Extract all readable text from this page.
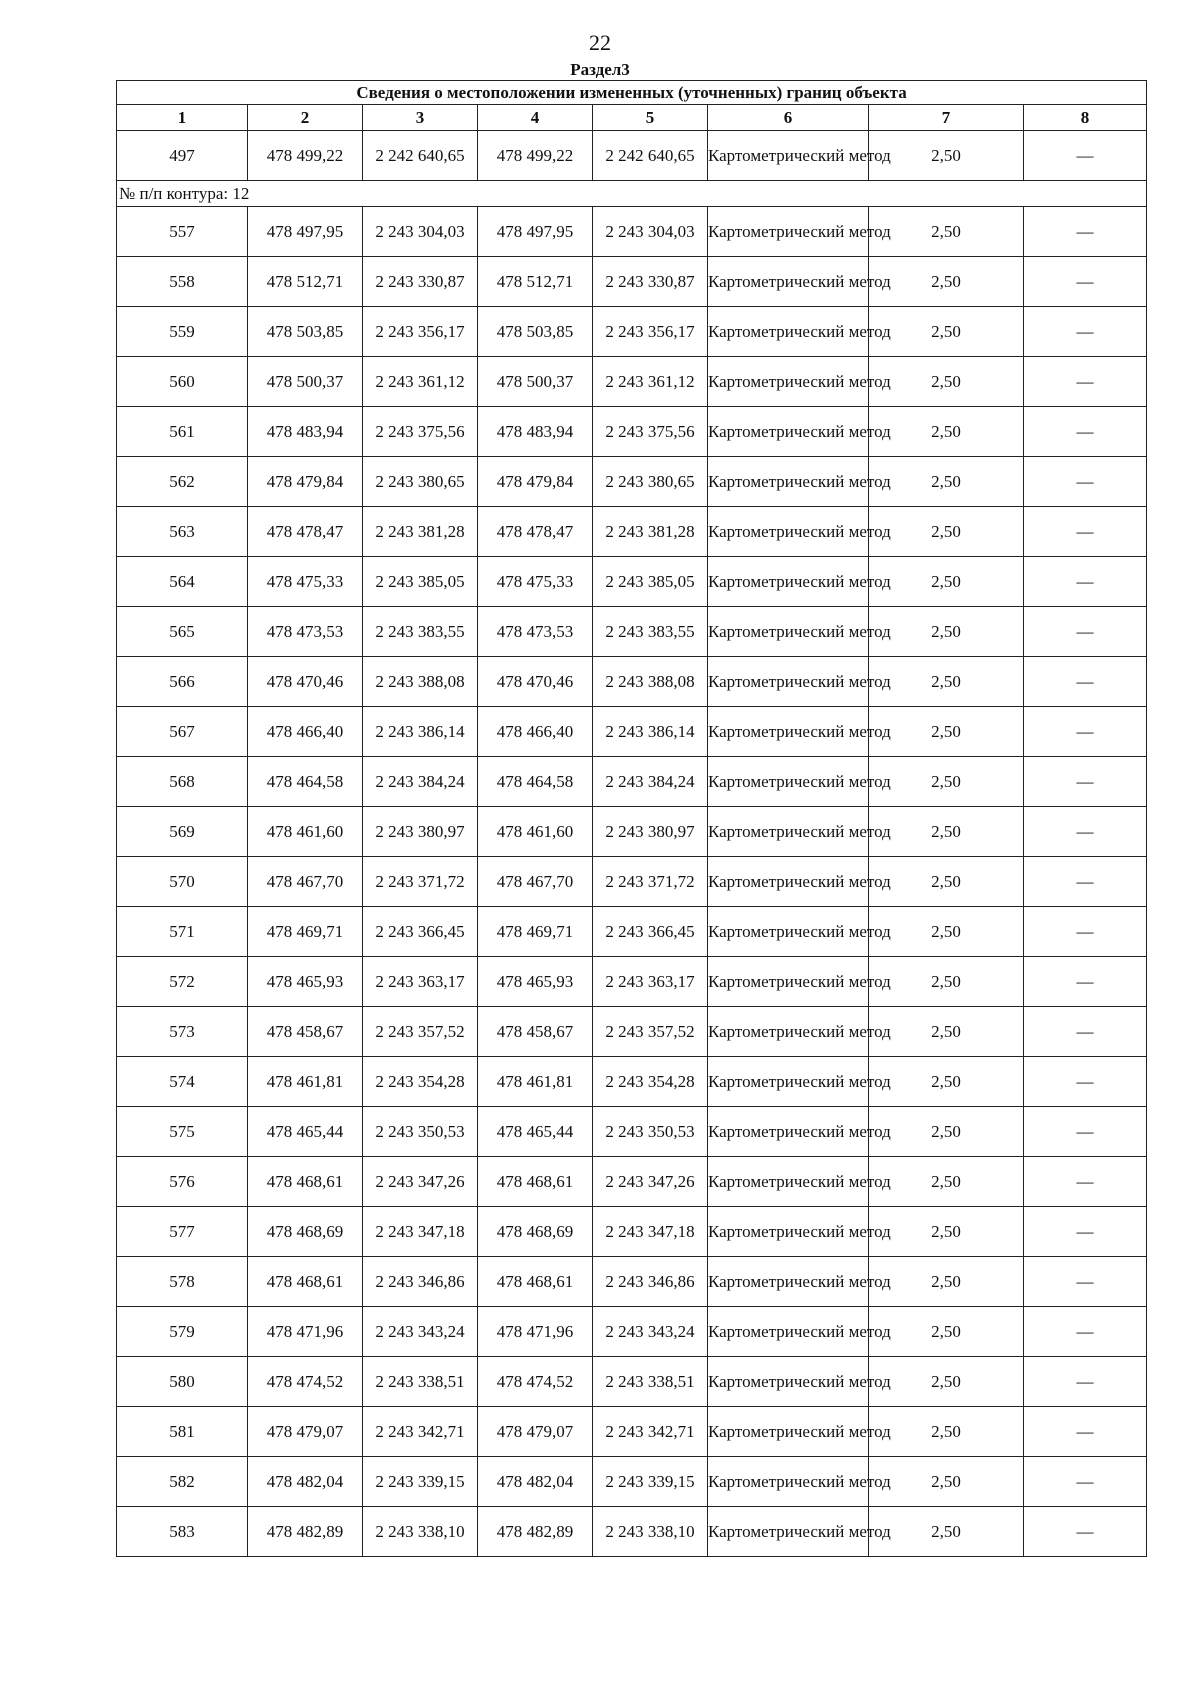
22
Раздел3
Сведения о местоположении измененных (уточненных) границ объекта							
1	2	3	4	5	6	7	8
497	478 499,22	2 242 640,65	478 499,22	2 242 640,65	Картометрический метод	2,50	—
№ п/п контура: 12							
557	478 497,95	2 243 304,03	478 497,95	2 243 304,03	Картометрический метод	2,50	—
558	478 512,71	2 243 330,87	478 512,71	2 243 330,87	Картометрический метод	2,50	—
559	478 503,85	2 243 356,17	478 503,85	2 243 356,17	Картометрический метод	2,50	—
560	478 500,37	2 243 361,12	478 500,37	2 243 361,12	Картометрический метод	2,50	—
561	478 483,94	2 243 375,56	478 483,94	2 243 375,56	Картометрический метод	2,50	—
562	478 479,84	2 243 380,65	478 479,84	2 243 380,65	Картометрический метод	2,50	—
563	478 478,47	2 243 381,28	478 478,47	2 243 381,28	Картометрический метод	2,50	—
564	478 475,33	2 243 385,05	478 475,33	2 243 385,05	Картометрический метод	2,50	—
565	478 473,53	2 243 383,55	478 473,53	2 243 383,55	Картометрический метод	2,50	—
566	478 470,46	2 243 388,08	478 470,46	2 243 388,08	Картометрический метод	2,50	—
567	478 466,40	2 243 386,14	478 466,40	2 243 386,14	Картометрический метод	2,50	—
568	478 464,58	2 243 384,24	478 464,58	2 243 384,24	Картометрический метод	2,50	—
569	478 461,60	2 243 380,97	478 461,60	2 243 380,97	Картометрический метод	2,50	—
570	478 467,70	2 243 371,72	478 467,70	2 243 371,72	Картометрический метод	2,50	—
571	478 469,71	2 243 366,45	478 469,71	2 243 366,45	Картометрический метод	2,50	—
572	478 465,93	2 243 363,17	478 465,93	2 243 363,17	Картометрический метод	2,50	—
573	478 458,67	2 243 357,52	478 458,67	2 243 357,52	Картометрический метод	2,50	—
574	478 461,81	2 243 354,28	478 461,81	2 243 354,28	Картометрический метод	2,50	—
575	478 465,44	2 243 350,53	478 465,44	2 243 350,53	Картометрический метод	2,50	—
576	478 468,61	2 243 347,26	478 468,61	2 243 347,26	Картометрический метод	2,50	—
577	478 468,69	2 243 347,18	478 468,69	2 243 347,18	Картометрический метод	2,50	—
578	478 468,61	2 243 346,86	478 468,61	2 243 346,86	Картометрический метод	2,50	—
579	478 471,96	2 243 343,24	478 471,96	2 243 343,24	Картометрический метод	2,50	—
580	478 474,52	2 243 338,51	478 474,52	2 243 338,51	Картометрический метод	2,50	—
581	478 479,07	2 243 342,71	478 479,07	2 243 342,71	Картометрический метод	2,50	—
582	478 482,04	2 243 339,15	478 482,04	2 243 339,15	Картометрический метод	2,50	—
583	478 482,89	2 243 338,10	478 482,89	2 243 338,10	Картометрический метод	2,50	—
